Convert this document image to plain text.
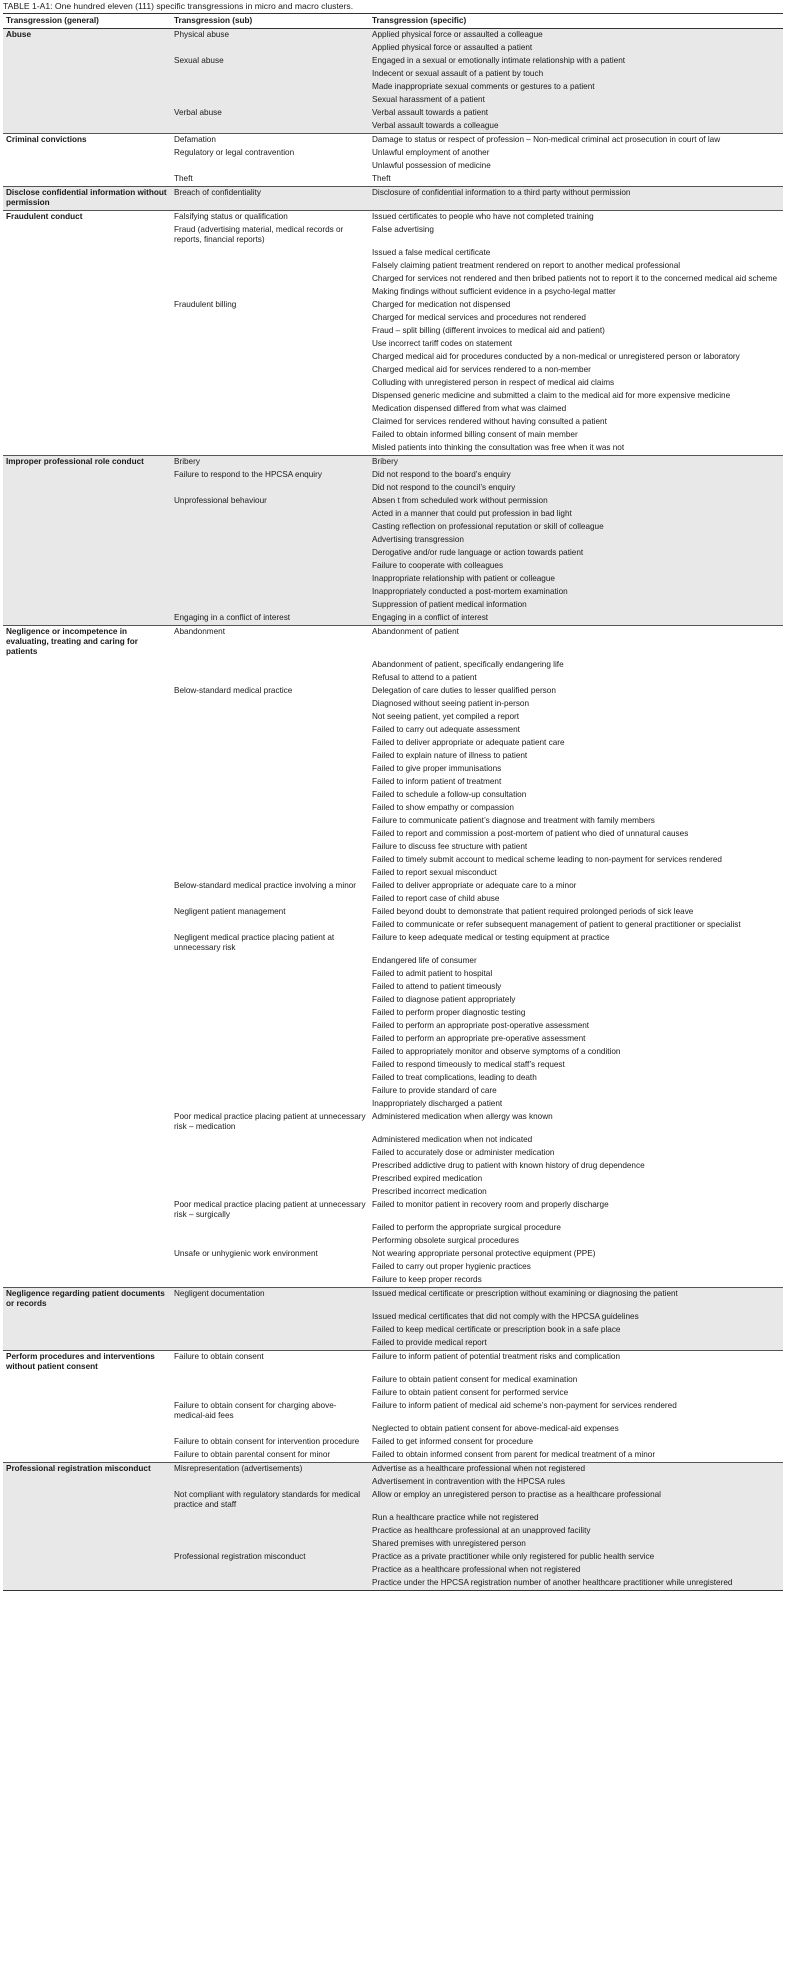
TABLE 1-A1: One hundred eleven (111) specific transgressions in micro and macro clusters.
Transgression (general)	Transgression (sub)	Transgression (specific)
Abuse	Physical abuse	Applied physical force or assaulted a colleague
		Applied physical force or assaulted a patient
	Sexual abuse	Engaged in a sexual or emotionally intimate relationship with a patient
		Indecent or sexual assault of a patient by touch
		Made inappropriate sexual comments or gestures to a patient
		Sexual harassment of a patient
	Verbal abuse	Verbal assault towards a patient
		Verbal assault towards a colleague
Criminal convictions	Defamation	Damage to status or respect of profession – Non-medical criminal act prosecution in court of law
	Regulatory or legal contravention	Unlawful employment of another
		Unlawful possession of medicine
	Theft	Theft
Disclose confidential information without permission	Breach of confidentiality	Disclosure of confidential information to a third party without permission
Fraudulent conduct	Falsifying status or qualification	Issued certificates to people who have not completed training
	Fraud (advertising material, medical records or reports, financial reports)	False advertising
		Issued a false medical certificate
		Falsely claiming patient treatment rendered on report to another medical professional
		Charged for services not rendered and then bribed patients not to report it to the concerned medical aid scheme
		Making findings without sufficient evidence in a psycho-legal matter
	Fraudulent billing	Charged for medication not dispensed
		Charged for medical services and procedures not rendered
		Fraud – split billing (different invoices to medical aid and patient)
		Use incorrect tariff codes on statement
		Charged medical aid for procedures conducted by a non-medical or unregistered person or laboratory
		Charged medical aid for services rendered to a non-member
		Colluding with unregistered person in respect of medical aid claims
		Dispensed generic medicine and submitted a claim to the medical aid for more expensive medicine
		Medication dispensed differed from what was claimed
		Claimed for services rendered without having consulted a patient
		Failed to obtain informed billing consent of main member
		Misled patients into thinking the consultation was free when it was not
Improper professional role conduct	Bribery	Bribery
	Failure to respond to the HPCSA enquiry	Did not respond to the board’s enquiry
		Did not respond to the council’s enquiry
	Unprofessional behaviour	Absen t from scheduled work without permission
		Acted in a manner that could put profession in bad light
		Casting reflection on professional reputation or skill of colleague
		Advertising transgression
		Derogative and/or rude language or action towards patient
		Failure to cooperate with colleagues
		Inappropriate relationship with patient or colleague
		Inappropriately conducted a post-mortem examination
		Suppression of patient medical information
	Engaging in a conflict of interest	Engaging in a conflict of interest
Negligence or incompetence in evaluating, treating and caring for patients	Abandonment	Abandonment of patient
		Abandonment of patient, specifically endangering life
		Refusal to attend to a patient
	Below-standard medical practice	Delegation of care duties to lesser qualified person
		Diagnosed without seeing patient in-person
		Not seeing patient, yet compiled a report
		Failed to carry out adequate assessment
		Failed to deliver appropriate or adequate patient care
		Failed to explain nature of illness to patient
		Failed to give proper immunisations
		Failed to inform patient of treatment
		Failed to schedule a follow-up consultation
		Failed to show empathy or compassion
		Failure to communicate patient’s diagnose and treatment with family members
		Failed to report and commission a post-mortem of patient who died of unnatural causes
		Failure to discuss fee structure with patient
		Failed to timely submit account to medical scheme leading to non-payment for services rendered
		Failed to report sexual misconduct
	Below-standard medical practice involving a minor	Failed to deliver appropriate or adequate care to a minor
		Failed to report case of child abuse
	Negligent patient management	Failed beyond doubt to demonstrate that patient required prolonged periods of sick leave
		Failed to communicate or refer subsequent management of patient to general practitioner or specialist
	Negligent medical practice placing patient at unnecessary risk	Failure to keep adequate medical or testing equipment at practice
		Endangered life of consumer
		Failed to admit patient to hospital
		Failed to attend to patient timeously
		Failed to diagnose patient appropriately
		Failed to perform proper diagnostic testing
		Failed to perform an appropriate post-operative assessment
		Failed to perform an appropriate pre-operative assessment
		Failed to appropriately monitor and observe symptoms of a condition
		Failed to respond timeously to medical staff’s request
		Failed to treat complications, leading to death
		Failure to provide standard of care
		Inappropriately discharged a patient
	Poor medical practice placing patient at unnecessary risk – medication	Administered medication when allergy was known
		Administered medication when not indicated
		Failed to accurately dose or administer medication
		Prescribed addictive drug to patient with known history of drug dependence
		Prescribed expired medication
		Prescribed incorrect medication
	Poor medical practice placing patient at unnecessary risk – surgically	Failed to monitor patient in recovery room and properly discharge
		Failed to perform the appropriate surgical procedure
		Performing obsolete surgical procedures
	Unsafe or unhygienic work environment	Not wearing appropriate personal protective equipment (PPE)
		Failed to carry out proper hygienic practices
		Failure to keep proper records
Negligence regarding patient documents or records	Negligent documentation	Issued medical certificate or prescription without examining or diagnosing the patient
		Issued medical certificates that did not comply with the HPCSA guidelines
		Failed to keep medical certificate or prescription book in a safe place
		Failed to provide medical report
Perform procedures and interventions without patient consent	Failure to obtain consent	Failure to inform patient of potential treatment risks and complication
		Failure to obtain patient consent for medical examination
		Failure to obtain patient consent for performed service
	Failure to obtain consent for charging above-medical-aid fees	Failure to inform patient of medical aid scheme’s non-payment for services rendered
		Neglected to obtain patient consent for above-medical-aid expenses
	Failure to obtain consent for intervention procedure	Failed to get informed consent for procedure
	Failure to obtain parental consent for minor	Failed to obtain informed consent from parent for medical treatment of a minor
Professional registration misconduct	Misrepresentation (advertisements)	Advertise as a healthcare professional when not registered
		Advertisement in contravention with the HPCSA rules
	Not compliant with regulatory standards for medical practice and staff	Allow or employ an unregistered person to practise as a healthcare professional
		Run a healthcare practice while not registered
		Practice as healthcare professional at an unapproved facility
		Shared premises with unregistered person
	Professional registration misconduct	Practice as a private practitioner while only registered for public health service
		Practice as a healthcare professional when not registered
		Practice under the HPCSA registration number of another healthcare practitioner while unregistered
